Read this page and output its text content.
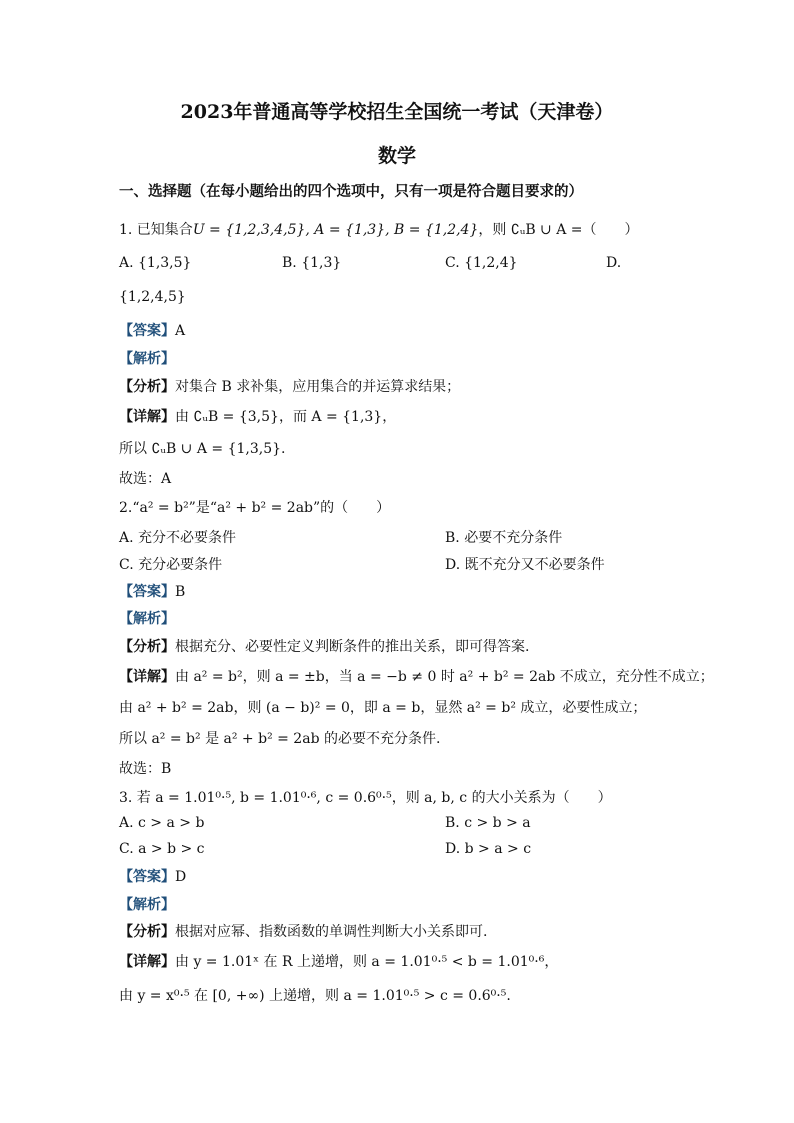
2023年普通高等学校招生全国统一考试（天津卷）
数学
一、选择题（在每小题给出的四个选项中，只有一项是符合题目要求的）
1. 已知集合U = {1,2,3,4,5}, A = {1,3}, B = {1,2,4}，则 ∁ᵤB ∪ A =（　　）
A. {1,3,5}	B. {1,3}	C. {1,2,4}	D.
{1,2,4,5}
【答案】A
【解析】
【分析】对集合 B 求补集，应用集合的并运算求结果；
【详解】由 ∁ᵤB = {3,5}，而 A = {1,3}，
所以 ∁ᵤB ∪ A = {1,3,5}.
故选：A
2.“a² = b²”是“a² + b² = 2ab”的（　　）
A. 充分不必要条件	B. 必要不充分条件
C. 充分必要条件	D. 既不充分又不必要条件
【答案】B
【解析】
【分析】根据充分、必要性定义判断条件的推出关系，即可得答案.
【详解】由 a² = b²，则 a = ±b，当 a = −b ≠ 0 时 a² + b² = 2ab 不成立，充分性不成立；
由 a² + b² = 2ab，则 (a − b)² = 0，即 a = b，显然 a² = b² 成立，必要性成立；
所以 a² = b² 是 a² + b² = 2ab 的必要不充分条件.
故选：B
3. 若 a = 1.01⁰·⁵, b = 1.01⁰·⁶, c = 0.6⁰·⁵，则 a, b, c 的大小关系为（　　）
A. c > a > b	B. c > b > a
C. a > b > c	D. b > a > c
【答案】D
【解析】
【分析】根据对应幂、指数函数的单调性判断大小关系即可.
【详解】由 y = 1.01ˣ 在 R 上递增，则 a = 1.01⁰·⁵ < b = 1.01⁰·⁶，
由 y = x⁰·⁵ 在 [0, +∞) 上递增，则 a = 1.01⁰·⁵ > c = 0.6⁰·⁵.
